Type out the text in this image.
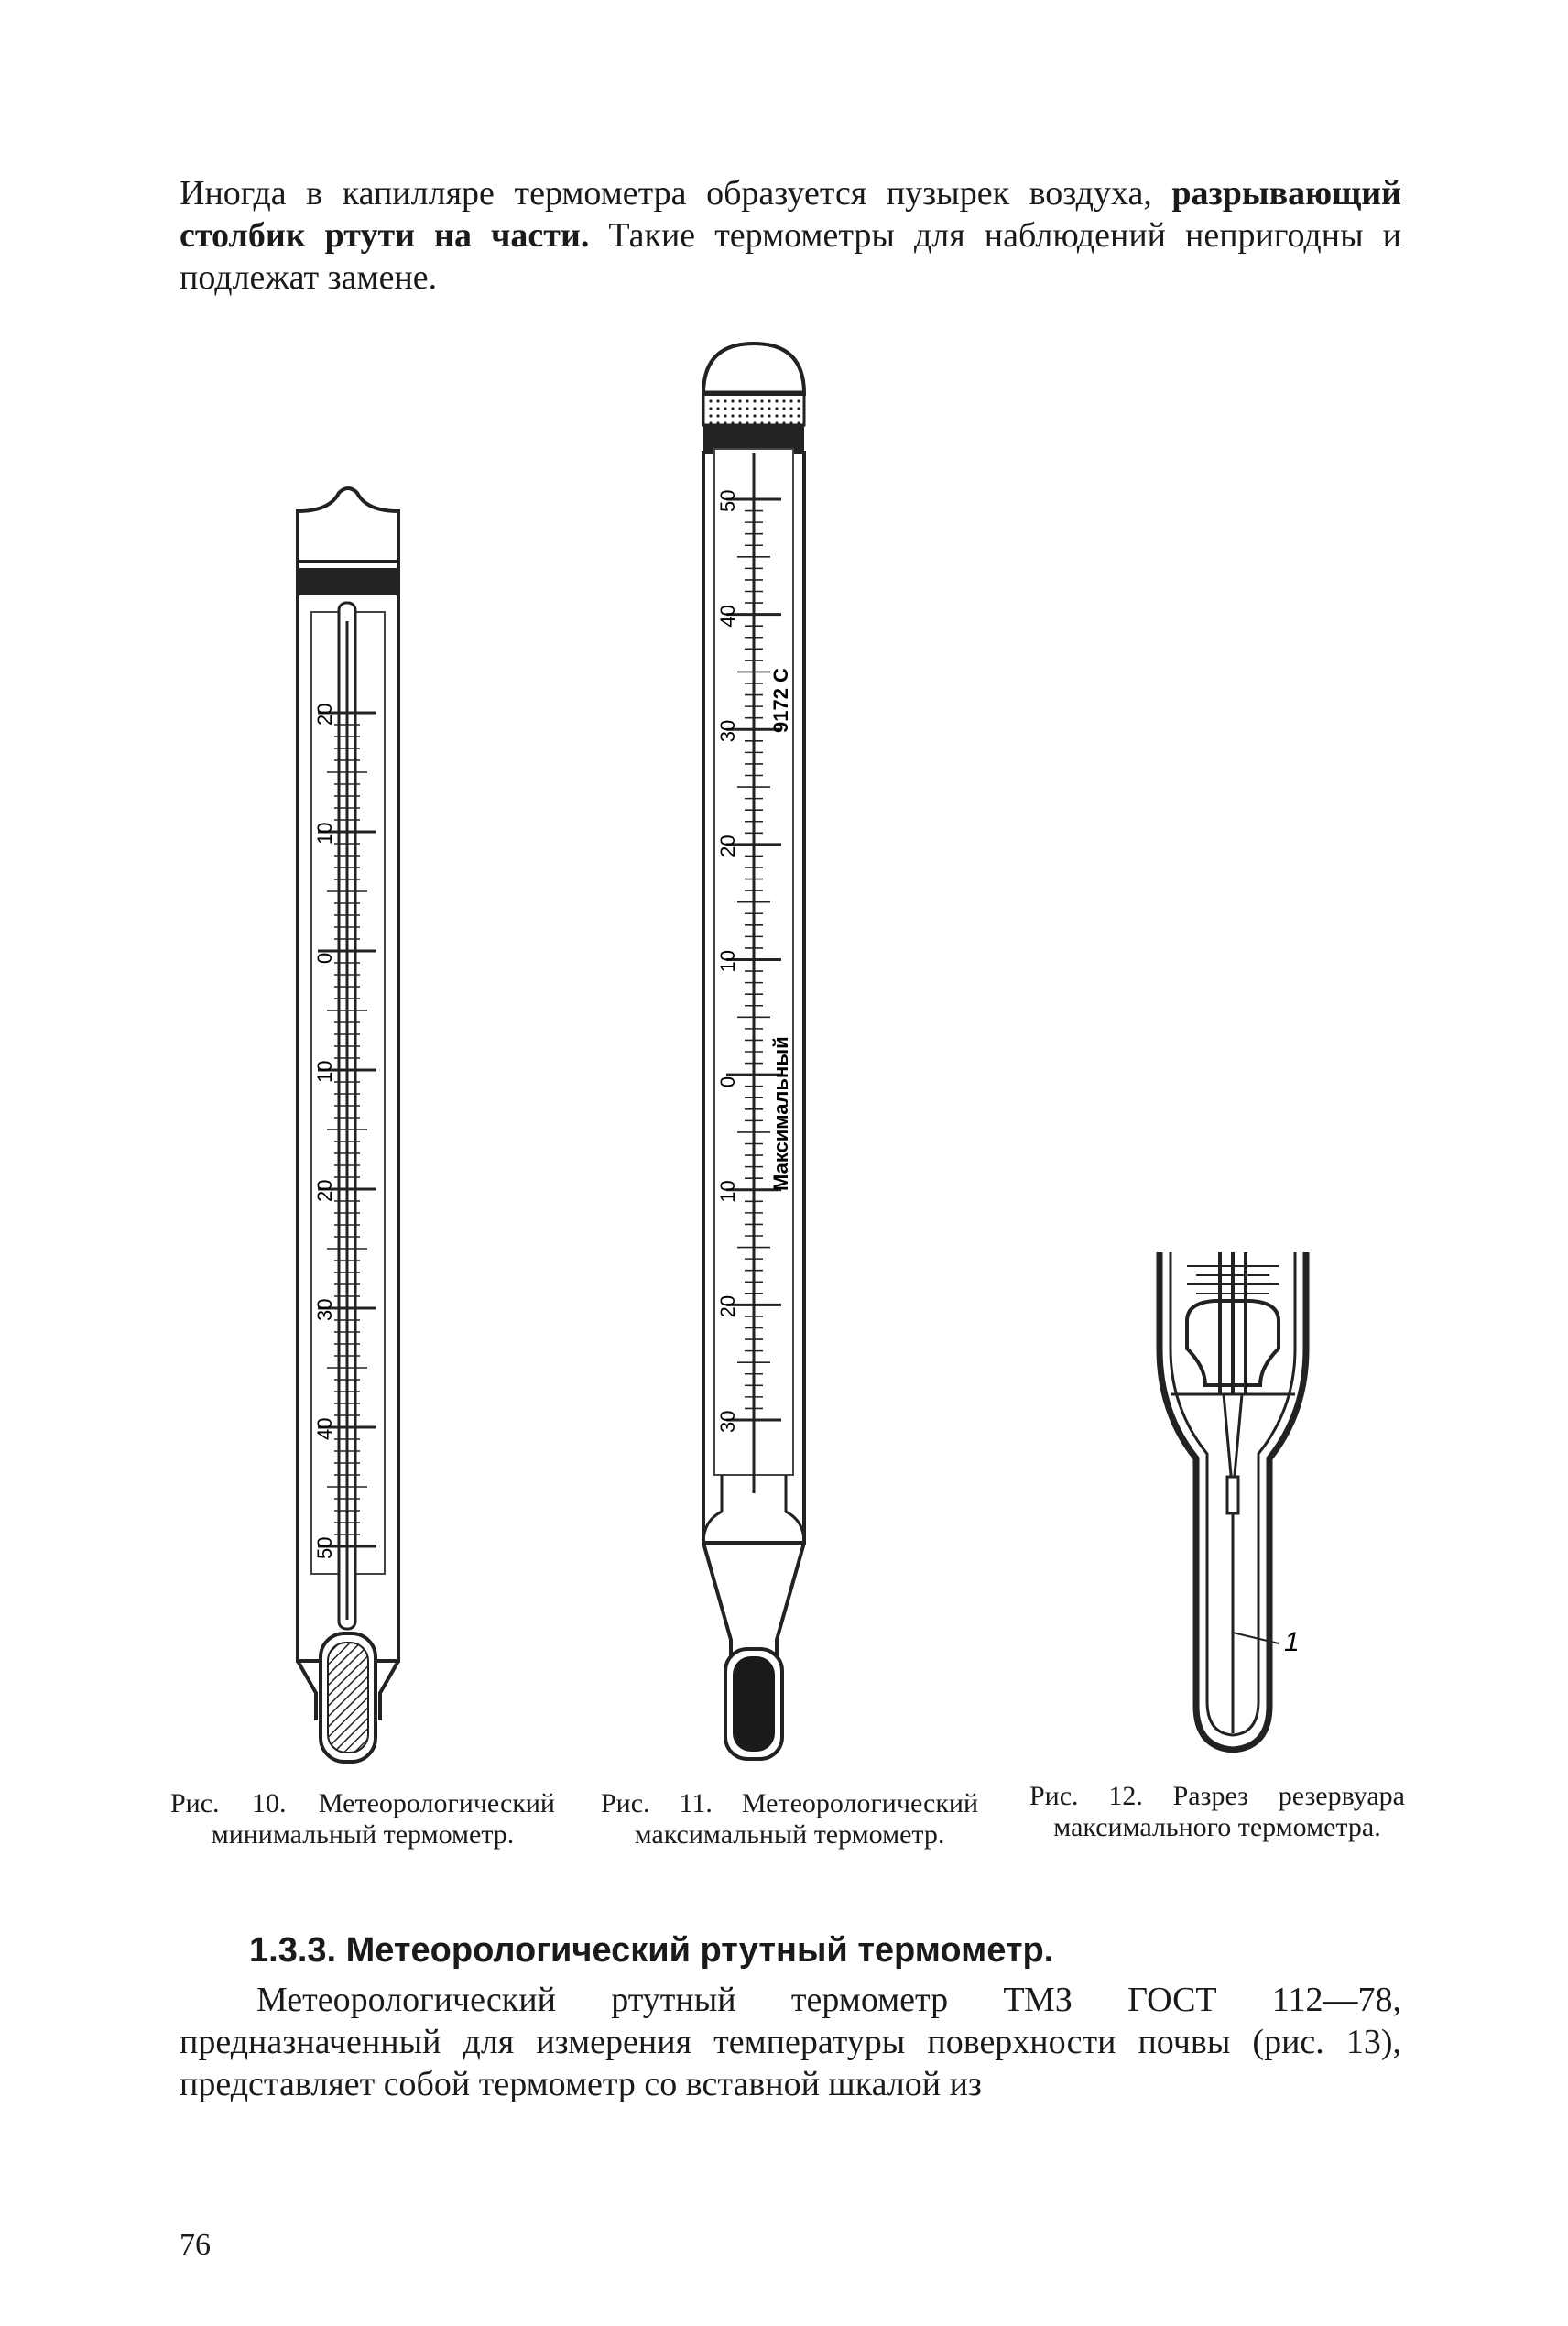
Иногда в капилляре термометра образуется пузырек воздуха, разрывающий столбик ртути на части. Такие термометры для наблюдений непригодны и подлежат замене.
20
10
0
10
20
30
40
50
50
40
30
20
10
0
10
20
30
9172 С
Максимальный
1
Рис. 10. Метеорологический минимальный термометр.
Рис. 11. Метеорологический максимальный термометр.
Рис. 12. Разрез резервуара максимального термометра.
1.3.3. Метеорологический ртутный термометр.
Метеорологический ртутный термометр ТМЗ ГОСТ 112—78, предназначенный для измерения температуры поверхности почвы (рис. 13), представляет собой термометр со вставной шкалой из
76
